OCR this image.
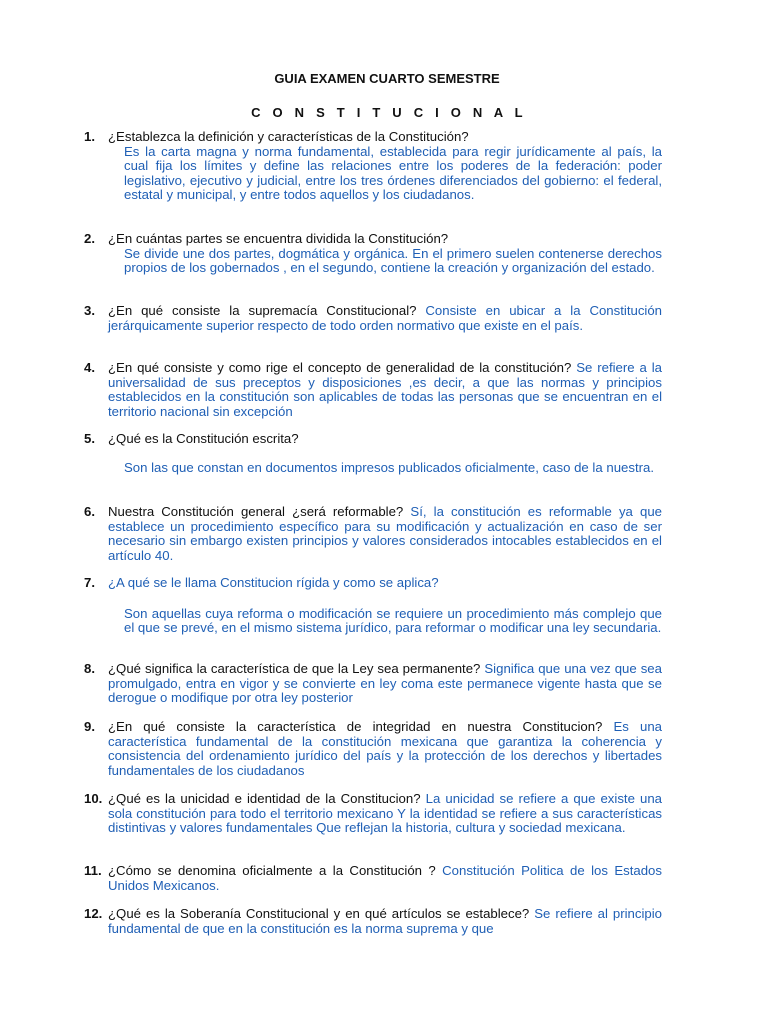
GUIA EXAMEN CUARTO SEMESTRE
C O N S T I T U C I O N A L
1. ¿Establezca la definición y características de la Constitución?
Es la carta magna y norma fundamental, establecida para regir jurídicamente al país, la cual fija los límites y define las relaciones entre los poderes de la federación: poder legislativo, ejecutivo y judicial, entre los tres órdenes diferenciados del gobierno: el federal, estatal y municipal, y entre todos aquellos y los ciudadanos.
2. ¿En cuántas partes se encuentra dividida la Constitución?
Se divide une dos partes, dogmática y orgánica. En el primero suelen contenerse derechos propios de los gobernados , en el segundo, contiene la creación y organización del estado.
3. ¿En qué consiste la supremacía Constitucional? Consiste en ubicar a la Constitución jerárquicamente superior respecto de todo orden normativo que existe en el país.
4. ¿En qué consiste y como rige el concepto de generalidad de la constitución? Se refiere a la universalidad de sus preceptos y disposiciones ,es decir, a que las normas y principios establecidos en la constitución son aplicables de todas las personas que se encuentran en el territorio nacional sin excepción
5. ¿Qué es la Constitución escrita?
Son las que constan en documentos impresos publicados oficialmente, caso de la nuestra.
6. Nuestra Constitución general ¿será reformable? Sí, la constitución es reformable ya que establece un procedimiento específico para su modificación y actualización en caso de ser necesario sin embargo existen principios y valores considerados intocables establecidos en el artículo 40.
7. ¿A qué se le llama Constitucion rígida y como se aplica?
Son aquellas cuya reforma o modificación se requiere un procedimiento más complejo que el que se prevé, en el mismo sistema jurídico, para reformar o modificar una ley secundaria.
8. ¿Qué significa la característica de que la Ley sea permanente? Significa que una vez que sea promulgado, entra en vigor y se convierte en ley coma este permanece vigente hasta que se derogue o modifique por otra ley posterior
9. ¿En qué consiste la característica de integridad en nuestra Constitucion? Es una característica fundamental de la constitución mexicana que garantiza la coherencia y consistencia del ordenamiento jurídico del país y la protección de los derechos y libertades fundamentales de los ciudadanos
10. ¿Qué es la unicidad e identidad de la Constitucion? La unicidad se refiere a que existe una sola constitución para todo el territorio mexicano Y la identidad se refiere a sus características distintivas y valores fundamentales Que reflejan la historia, cultura y sociedad mexicana.
11. ¿Cómo se denomina oficialmente a la Constitución ? Constitución Politica de los Estados Unidos Mexicanos.
12. ¿Qué es la Soberanía Constitucional y en qué artículos se establece? Se refiere al principio fundamental de que en la constitución es la norma suprema y que
